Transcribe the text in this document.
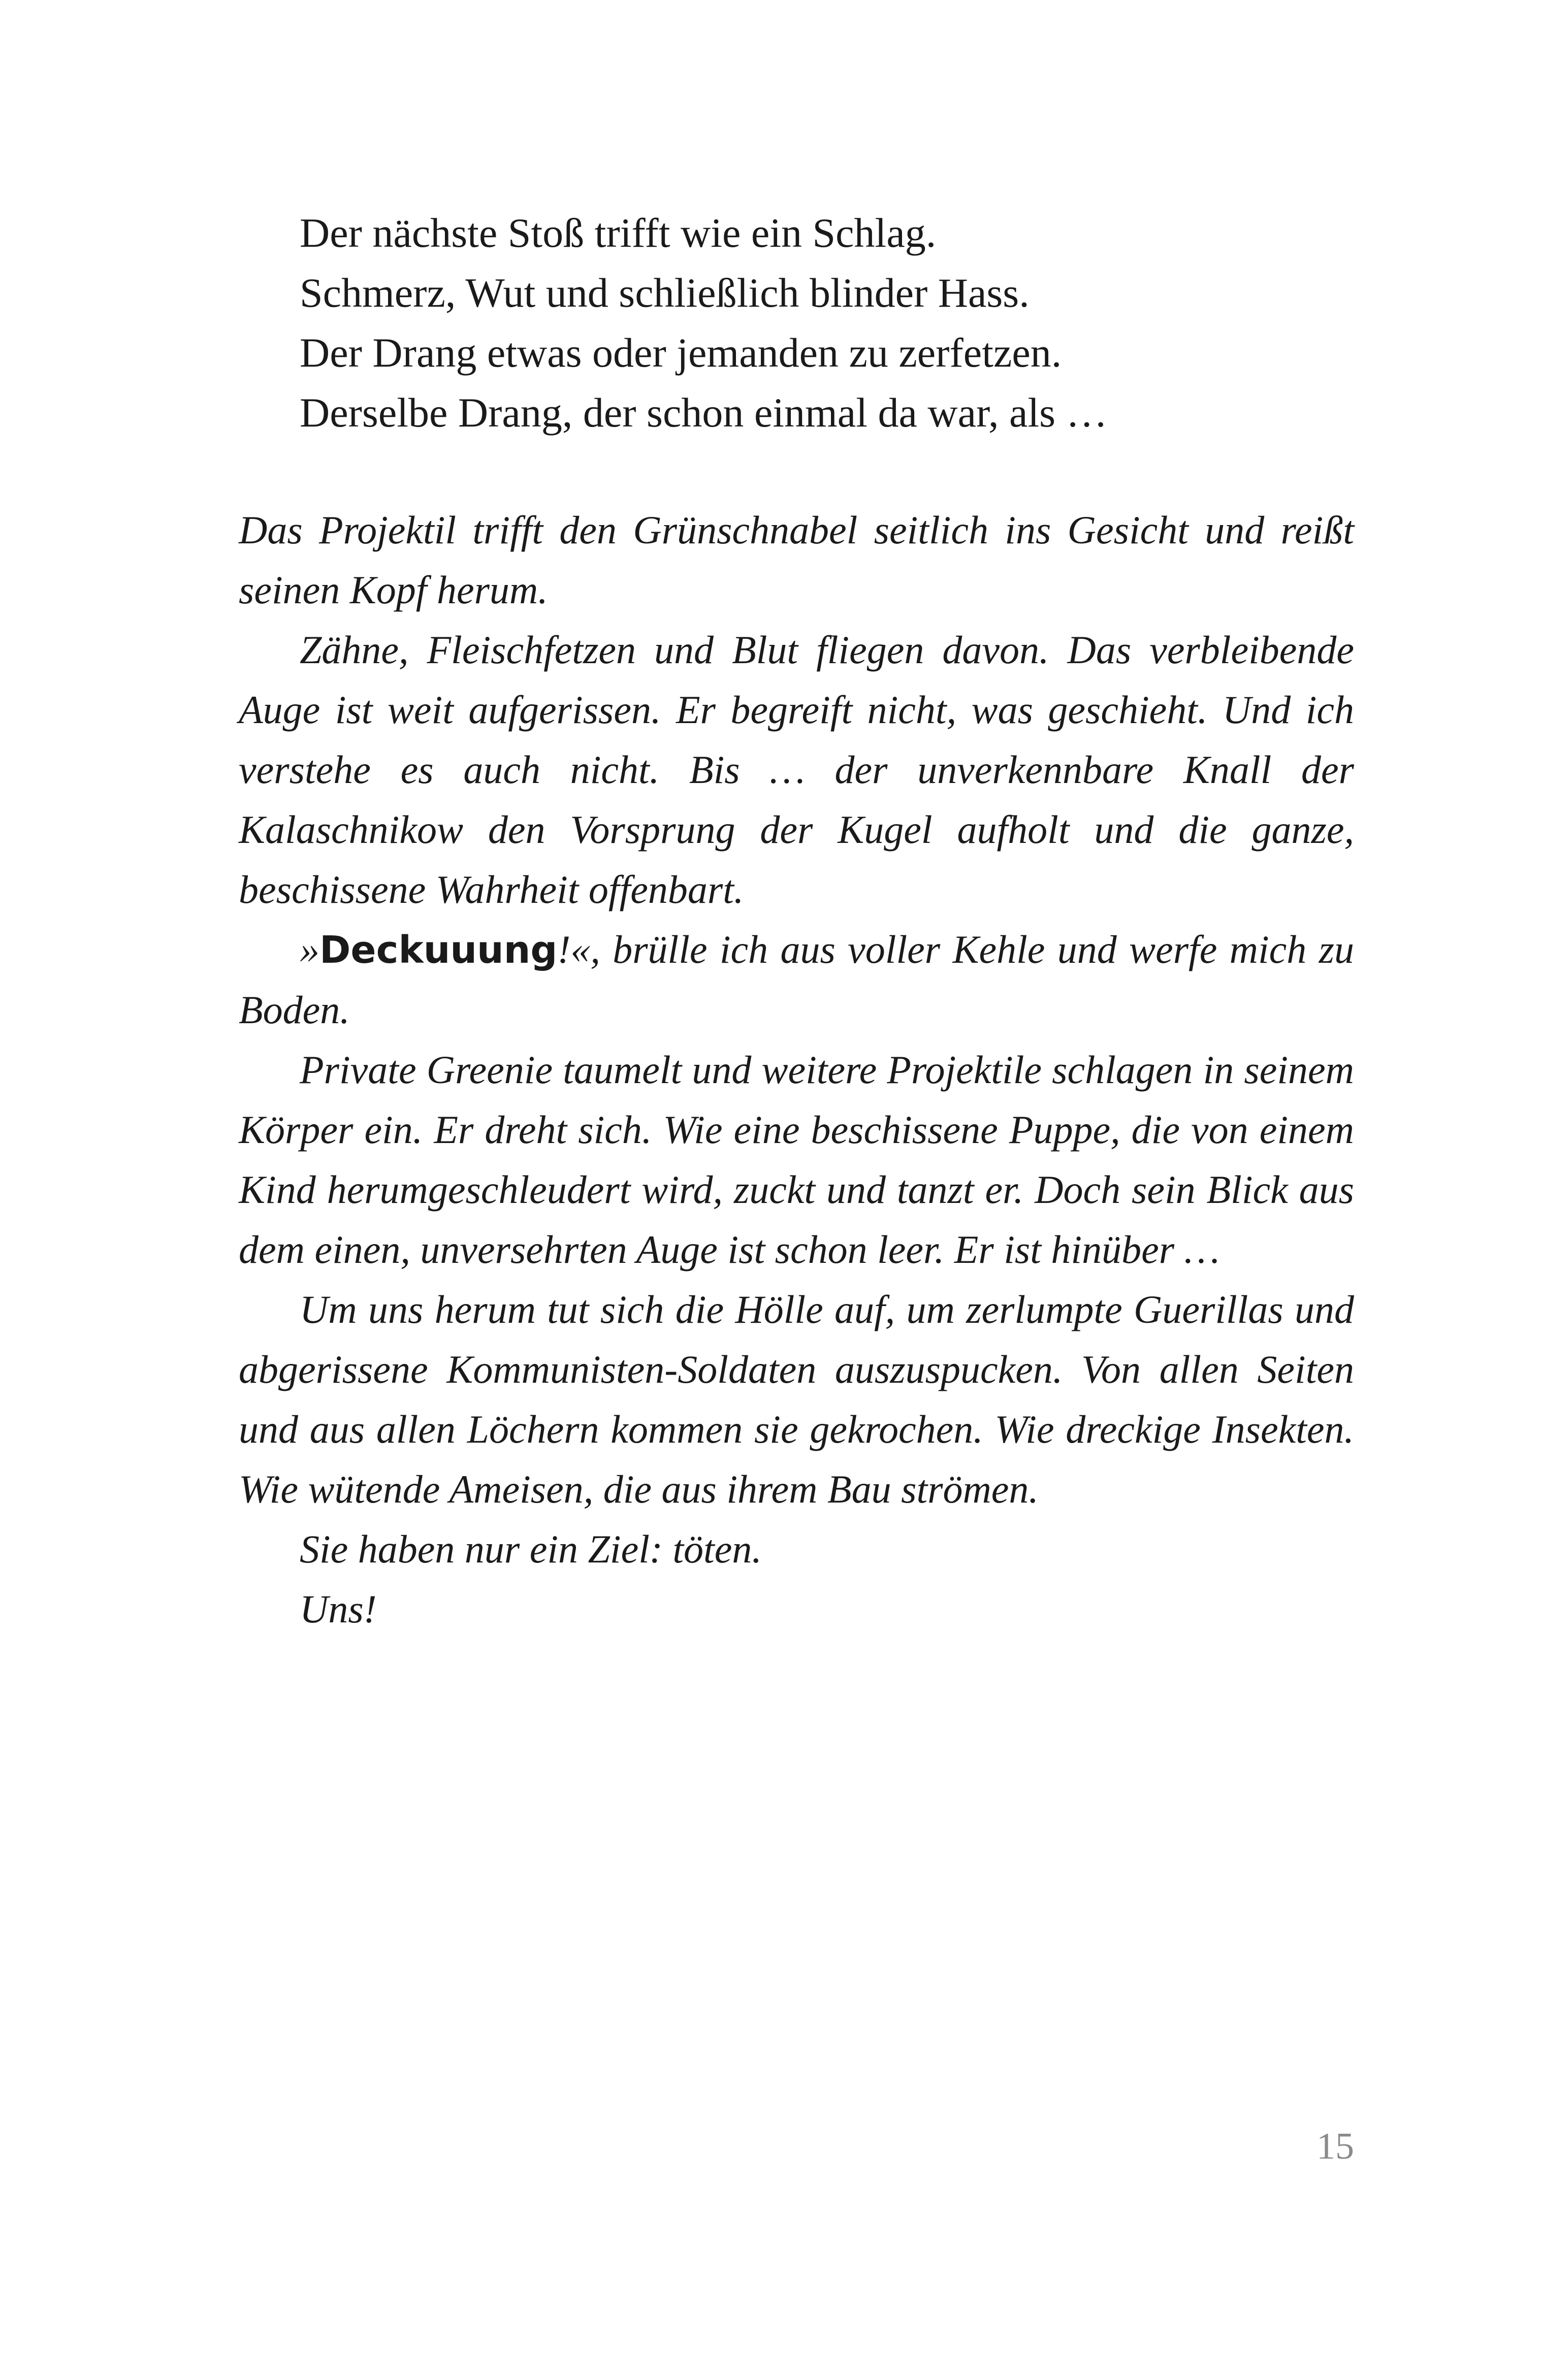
Der nächste Stoß trifft wie ein Schlag.
Schmerz, Wut und schließlich blinder Hass.
Der Drang etwas oder jemanden zu zerfetzen.
Derselbe Drang, der schon einmal da war, als …

Das Projektil trifft den Grünschnabel seitlich ins Gesicht und reißt seinen Kopf herum.

Zähne, Fleischfetzen und Blut fliegen davon. Das verbleibende Auge ist weit aufgerissen. Er begreift nicht, was geschieht. Und ich verstehe es auch nicht. Bis … der unverkennbare Knall der Kalaschnikow den Vorsprung der Kugel aufholt und die ganze, beschissene Wahrheit offenbart.

»Deckuuung!«, brülle ich aus voller Kehle und werfe mich zu Boden.

Private Greenie taumelt und weitere Projektile schlagen in seinem Körper ein. Er dreht sich. Wie eine beschissene Puppe, die von einem Kind herumgeschleudert wird, zuckt und tanzt er. Doch sein Blick aus dem einen, unversehrten Auge ist schon leer. Er ist hinüber …

Um uns herum tut sich die Hölle auf, um zerlumpte Guerillas und abgerissene Kommunisten-Soldaten auszuspucken. Von allen Seiten und aus allen Löchern kommen sie gekrochen. Wie dreckige Insekten. Wie wütende Ameisen, die aus ihrem Bau strömen.

Sie haben nur ein Ziel: töten.

Uns!

15
